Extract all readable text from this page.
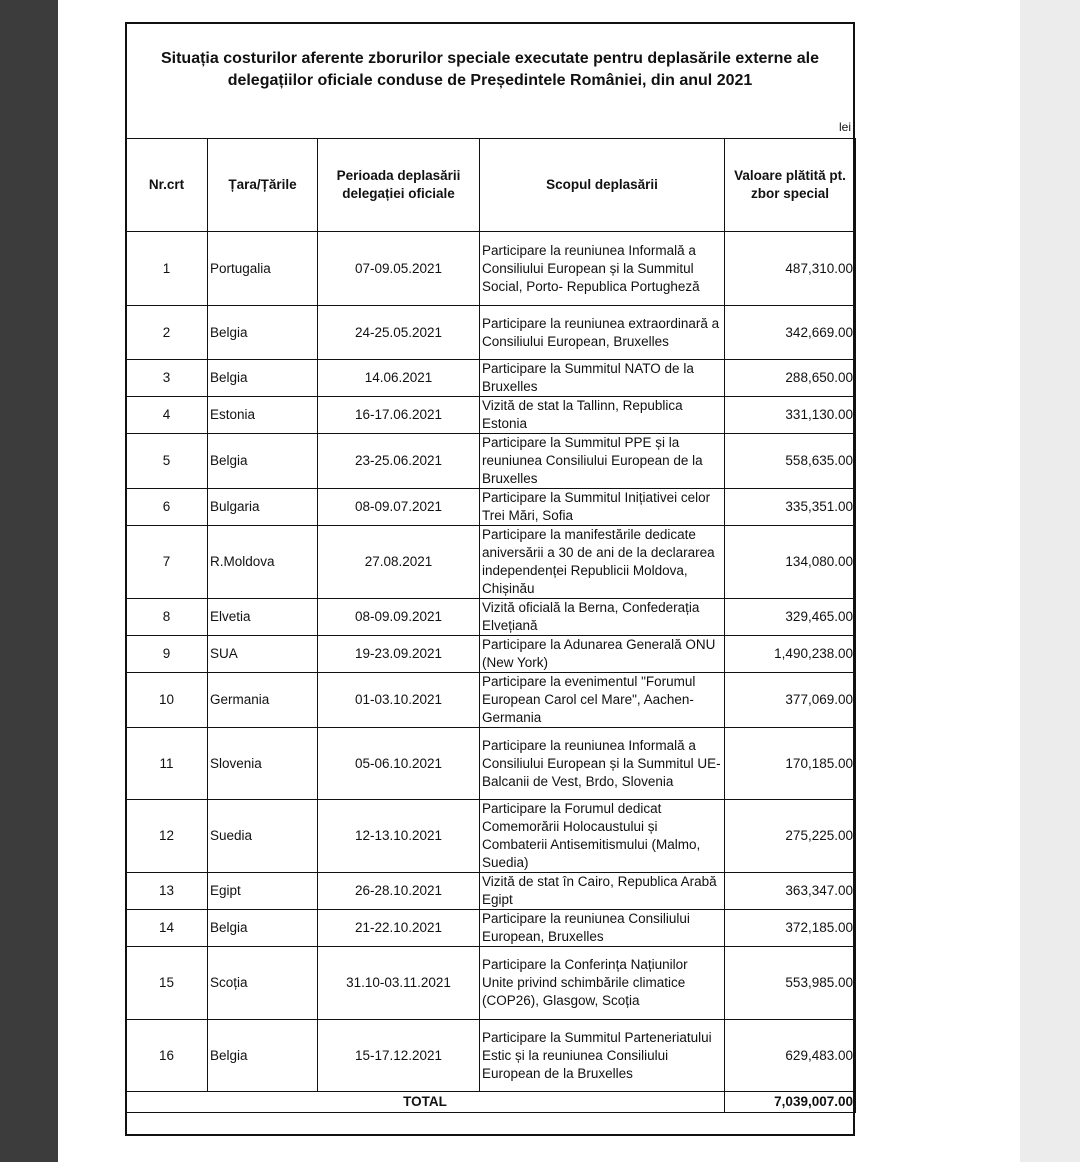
Situația costurilor aferente zborurilor speciale executate pentru deplasările externe ale delegațiilor oficiale conduse de Președintele României, din anul 2021
lei
Nr.crt	Țara/Țările	Perioada deplasării delegației oficiale	Scopul deplasării	Valoare plătită pt. zbor special
1	Portugalia	07-09.05.2021	Participare la reuniunea Informală a Consiliului European și la Summitul Social, Porto- Republica Portugheză	487,310.00
2	Belgia	24-25.05.2021	Participare la reuniunea extraordinară a Consiliului European, Bruxelles	342,669.00
3	Belgia	14.06.2021	Participare la Summitul NATO de la Bruxelles	288,650.00
4	Estonia	16-17.06.2021	Vizită de stat la Tallinn, Republica Estonia	331,130.00
5	Belgia	23-25.06.2021	Participare la Summitul PPE și la reuniunea Consiliului European de la Bruxelles	558,635.00
6	Bulgaria	08-09.07.2021	Participare la Summitul Inițiativei celor Trei Mări, Sofia	335,351.00
7	R.Moldova	27.08.2021	Participare la manifestările dedicate aniversării a 30 de ani de la declararea independenței Republicii Moldova, Chișinău	134,080.00
8	Elvetia	08-09.09.2021	Vizită oficială la Berna, Confederația Elvețiană	329,465.00
9	SUA	19-23.09.2021	Participare la Adunarea Generală ONU (New York)	1,490,238.00
10	Germania	01-03.10.2021	Participare la evenimentul "Forumul European Carol cel Mare", Aachen- Germania	377,069.00
11	Slovenia	05-06.10.2021	Participare la reuniunea Informală a Consiliului European și la Summitul UE-Balcanii de Vest, Brdo, Slovenia	170,185.00
12	Suedia	12-13.10.2021	Participare la Forumul dedicat Comemorării Holocaustului și Combaterii Antisemitismului (Malmo, Suedia)	275,225.00
13	Egipt	26-28.10.2021	Vizită de stat în Cairo, Republica Arabă Egipt	363,347.00
14	Belgia	21-22.10.2021	Participare la reuniunea Consiliului European, Bruxelles	372,185.00
15	Scoția	31.10-03.11.2021	Participare la Conferința Națiunilor Unite privind schimbările climatice (COP26), Glasgow, Scoția	553,985.00
16	Belgia	15-17.12.2021	Participare la Summitul Parteneriatului Estic și la reuniunea Consiliului European de la Bruxelles	629,483.00
TOTAL				7,039,007.00
